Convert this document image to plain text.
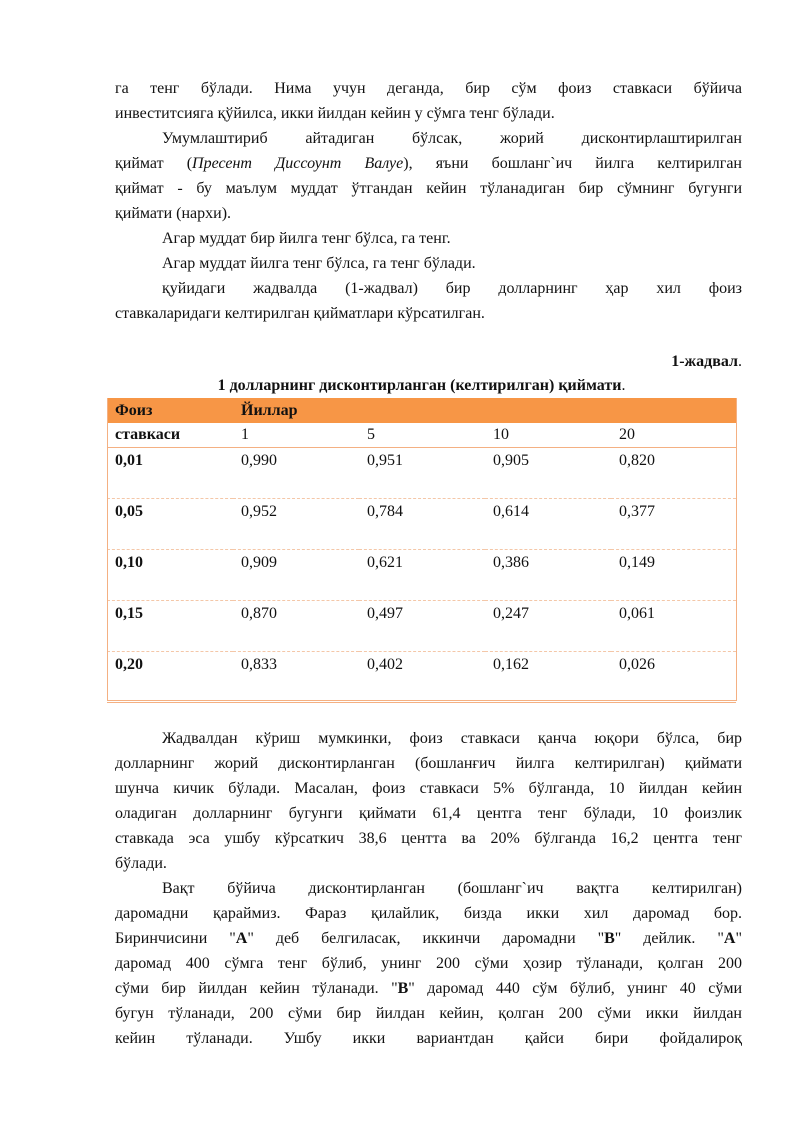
га тенг бўлади. Нима учун деганда, бир сўм фоиз ставкаси бўйича
инвеститсияга қўйилса, икки йилдан кейин у сўмга тенг бўлади.
Умумлаштириб айтадиган бўлсак, жорий дисконтирлаштирилган
қиймат (Пресент Диссоунт Валуе), яъни бошланг`ич йилга келтирилган
қиймат - бу маълум муддат ўтгандан кейин тўланадиган бир сўмнинг бугунги
қиймати (нархи).
Агар муддат бир йилга тенг бўлса, га тенг.
Агар муддат йилга тенг бўлса, га тенг бўлади.
қуйидаги жадвалда (1-жадвал) бир долларнинг ҳар хил фоиз
ставкаларидаги келтирилган қийматлари кўрсатилган.
1-жадвал.
1 долларнинг дисконтирланган (келтирилган) қиймати.
Фоиз	Йиллар			
ставкаси	1	5	10	20
0,01	0,990	0,951	0,905	0,820
0,05	0,952	0,784	0,614	0,377
0,10	0,909	0,621	0,386	0,149
0,15	0,870	0,497	0,247	0,061
0,20	0,833	0,402	0,162	0,026
Жадвалдан кўриш мумкинки, фоиз ставкаси қанча юқори бўлса, бир
долларнинг жорий дисконтирланган (бошланғич йилга келтирилган) қиймати
шунча кичик бўлади. Масалан, фоиз ставкаси 5% бўлганда, 10 йилдан кейин
оладиган долларнинг бугунги қиймати 61,4 центга тенг бўлади, 10 фоизлик
ставкада эса ушбу кўрсаткич 38,6 центта ва 20% бўлганда 16,2 центга тенг
бўлади.
Вақт бўйича дисконтирланган (бошланг`ич вақтга келтирилган)
даромадни қараймиз. Фараз қилайлик, бизда икки хил даромад бор.
Биринчисини "А" деб белгиласак, иккинчи даромадни "В" дейлик. "А"
даромад 400 сўмга тенг бўлиб, унинг 200 сўми ҳозир тўланади, қолган 200
сўми бир йилдан кейин тўланади. "В" даромад 440 сўм бўлиб, унинг 40 сўми
бугун тўланади, 200 сўми бир йилдан кейин, қолган 200 сўми икки йилдан
кейин тўланади. Ушбу икки вариантдан қайси бири фойдалироқ
